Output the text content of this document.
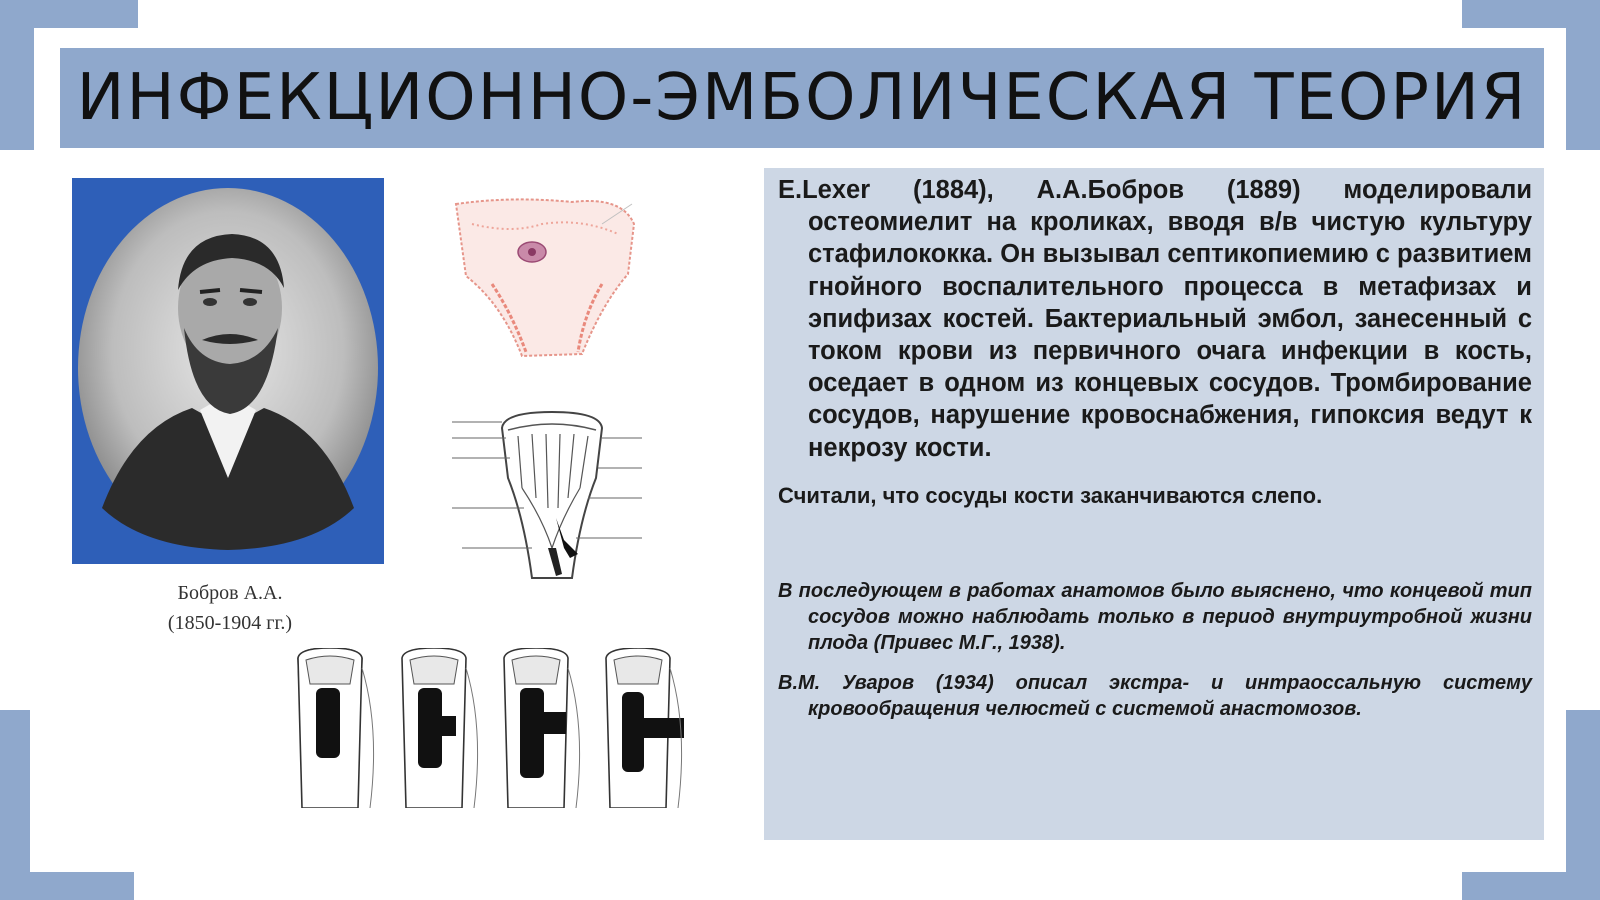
ИНФЕКЦИОННО-ЭМБОЛИЧЕСКАЯ ТЕОРИЯ
Бобров А.А.
(1850-1904 гг.)

E.Lexer (1884), А.А.Бобров (1889) моделировали остеомиелит на кроликах, вводя в/в чистую культуру стафилококка. Он вызывал септикопиемию с развитием гнойного воспалительного процесса в метафизах и эпифизах костей. Бактериальный эмбол, занесенный с током крови из первичного очага инфекции в кость, оседает в одном из концевых сосудов. Тромбирование сосудов, нарушение кровоснабжения, гипоксия ведут к некрозу кости.

Считали, что сосуды кости заканчиваются слепо.

В последующем в работах анатомов было выяснено, что концевой тип сосудов можно наблюдать только в период внутриутробной жизни плода (Привес М.Г., 1938).

В.М. Уваров (1934) описал экстра- и интраоссальную систему кровообращения челюстей с системой анастомозов.
